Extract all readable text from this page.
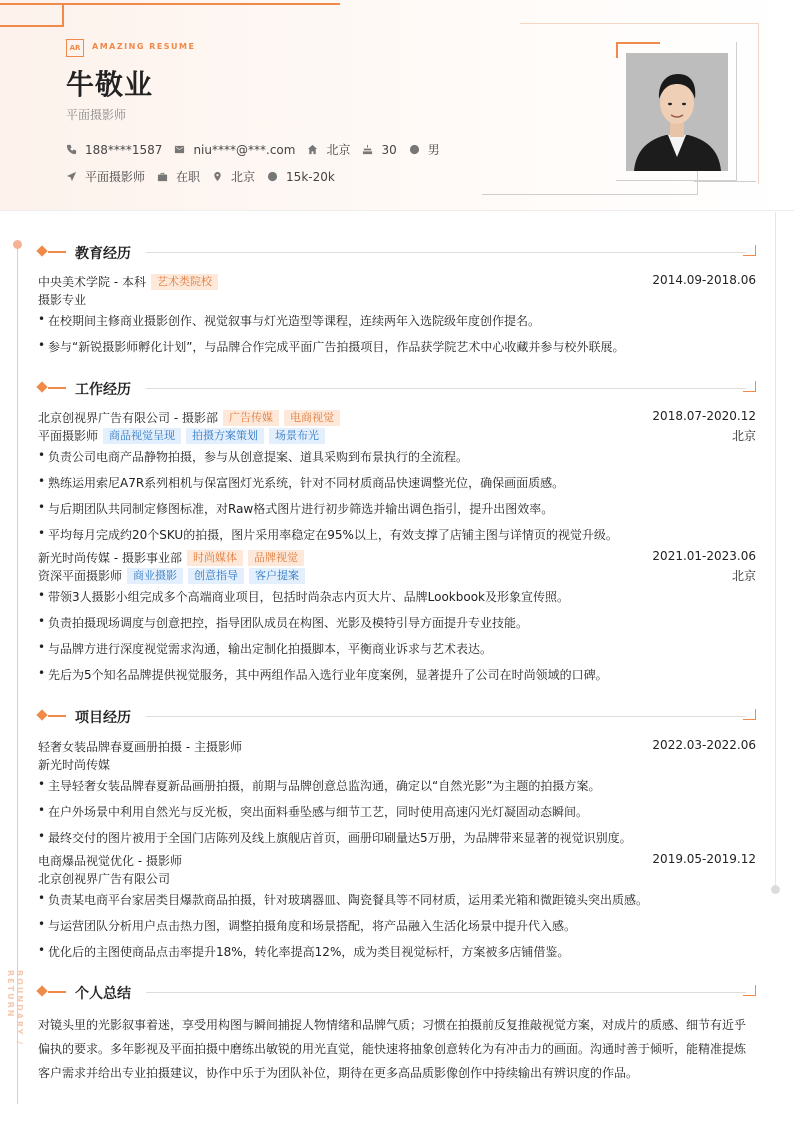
AR	AMAZING RESUME
牛敬业
平面摄影师
188****1587	niu****@***.com	北京	30	男
平面摄影师	在职	北京	15k-20k
BOUNDARY / RETURN
教育经历
中央美术学院 - 本科	艺术类院校	2014.09-2018.06
摄影专业
在校期间主修商业摄影创作、视觉叙事与灯光造型等课程，连续两年入选院级年度创作提名。
参与“新锐摄影师孵化计划”，与品牌合作完成平面广告拍摄项目，作品获学院艺术中心收藏并参与校外联展。
工作经历
北京创视界广告有限公司 - 摄影部	广告传媒	电商视觉	2018.07-2020.12
平面摄影师	商品视觉呈现	拍摄方案策划	场景布光	北京
负责公司电商产品静物拍摄，参与从创意提案、道具采购到布景执行的全流程。
熟练运用索尼A7R系列相机与保富图灯光系统，针对不同材质商品快速调整光位，确保画面质感。
与后期团队共同制定修图标准，对Raw格式图片进行初步筛选并输出调色指引，提升出图效率。
平均每月完成约20个SKU的拍摄，图片采用率稳定在95%以上，有效支撑了店铺主图与详情页的视觉升级。
新光时尚传媒 - 摄影事业部	时尚媒体	品牌视觉	2021.01-2023.06
资深平面摄影师	商业摄影	创意指导	客户提案	北京
带领3人摄影小组完成多个高端商业项目，包括时尚杂志内页大片、品牌Lookbook及形象宣传照。
负责拍摄现场调度与创意把控，指导团队成员在构图、光影及模特引导方面提升专业技能。
与品牌方进行深度视觉需求沟通，输出定制化拍摄脚本，平衡商业诉求与艺术表达。
先后为5个知名品牌提供视觉服务，其中两组作品入选行业年度案例，显著提升了公司在时尚领域的口碑。
项目经历
轻奢女装品牌春夏画册拍摄 - 主摄影师	2022.03-2022.06
新光时尚传媒
主导轻奢女装品牌春夏新品画册拍摄，前期与品牌创意总监沟通，确定以“自然光影”为主题的拍摄方案。
在户外场景中利用自然光与反光板，突出面料垂坠感与细节工艺，同时使用高速闪光灯凝固动态瞬间。
最终交付的图片被用于全国门店陈列及线上旗舰店首页，画册印刷量达5万册，为品牌带来显著的视觉识别度。
电商爆品视觉优化 - 摄影师	2019.05-2019.12
北京创视界广告有限公司
负责某电商平台家居类目爆款商品拍摄，针对玻璃器皿、陶瓷餐具等不同材质，运用柔光箱和微距镜头突出质感。
与运营团队分析用户点击热力图，调整拍摄角度和场景搭配，将产品融入生活化场景中提升代入感。
优化后的主图使商品点击率提升18%，转化率提高12%，成为类目视觉标杆，方案被多店铺借鉴。
个人总结
对镜头里的光影叙事着迷，享受用构图与瞬间捕捉人物情绪和品牌气质；习惯在拍摄前反复推敲视觉方案，对成片的质感、细节有近乎偏执的要求。多年影视及平面拍摄中磨练出敏锐的用光直觉，能快速将抽象创意转化为有冲击力的画面。沟通时善于倾听，能精准提炼客户需求并给出专业拍摄建议，协作中乐于为团队补位，期待在更多高品质影像创作中持续输出有辨识度的作品。
